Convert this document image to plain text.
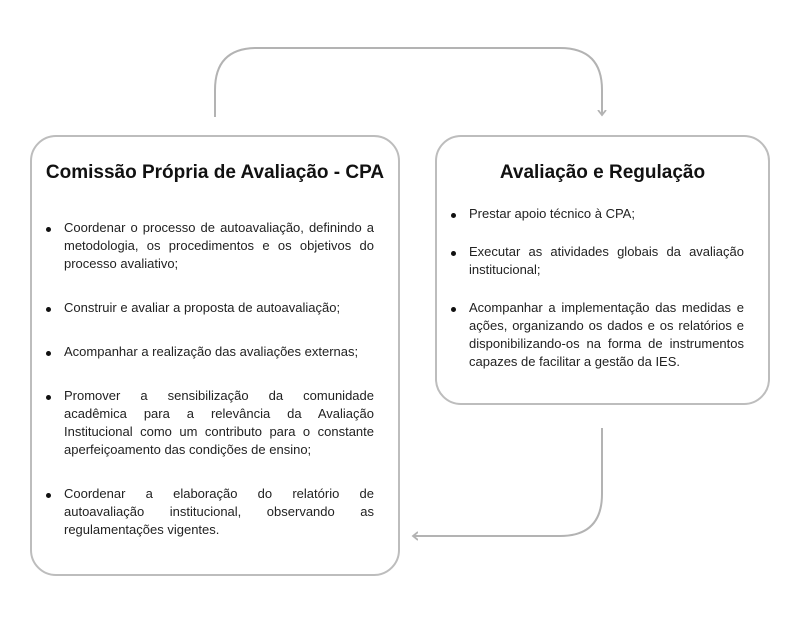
Comissão Própria de Avaliação - CPA
Coordenar o processo de autoavaliação, definindo a metodologia, os procedimentos e os objetivos do processo avaliativo;
Construir e avaliar a proposta de autoavaliação;
Acompanhar a realização das avaliações externas;
Promover a sensibilização da comunidade acadêmica para a relevância da Avaliação Institucional como um contributo para o constante aperfeiçoamento das condições de ensino;
Coordenar a elaboração do relatório de autoavaliação institucional, observando as regulamentações vigentes.
Avaliação e Regulação
Prestar apoio técnico à CPA;
Executar as atividades globais da avaliação institucional;
Acompanhar a implementação das medidas e ações, organizando os dados e os relatórios e disponibilizando-os na forma de instrumentos capazes de facilitar a gestão da IES.
